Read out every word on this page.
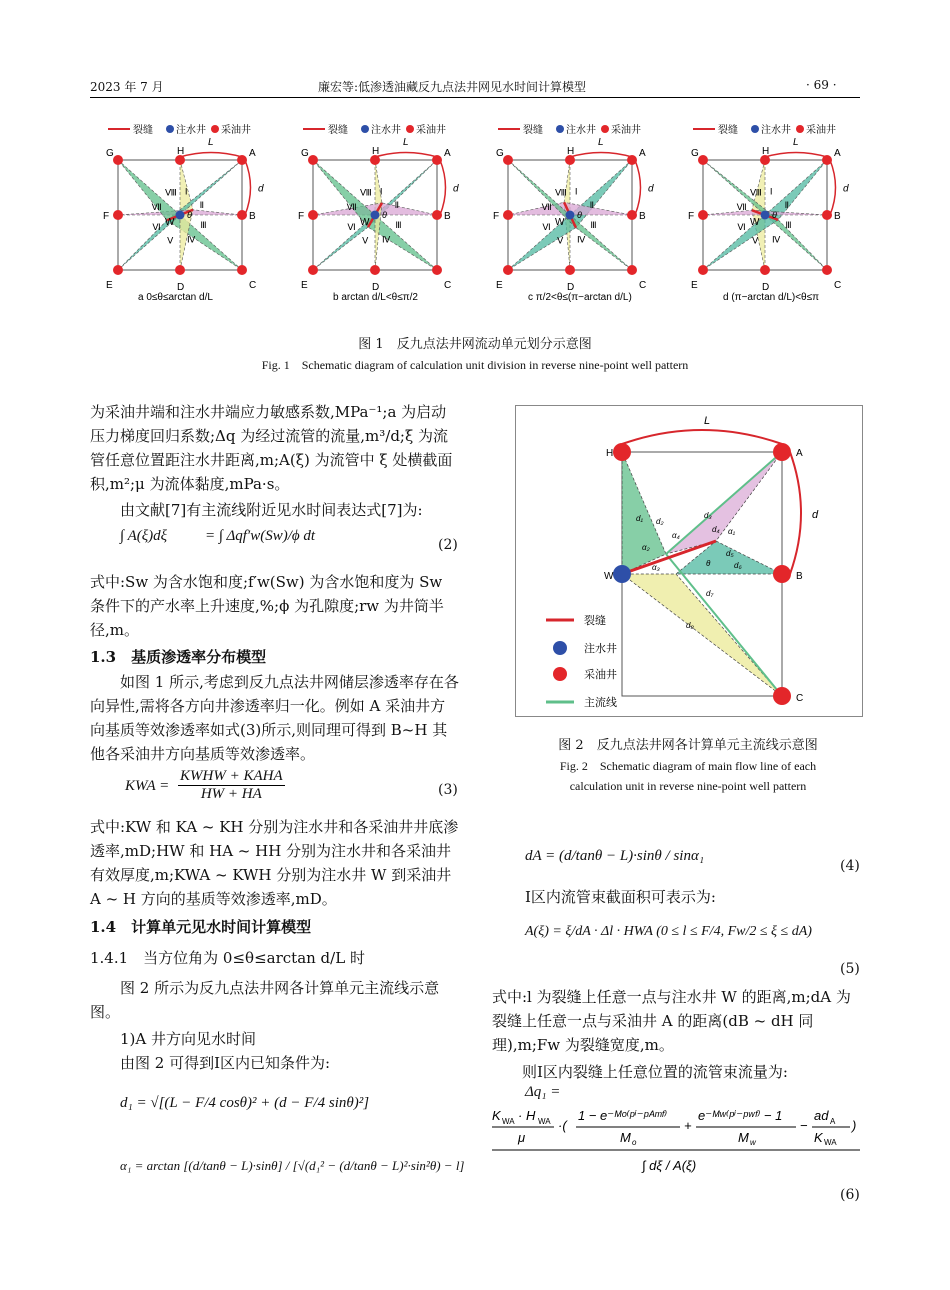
2023 年 7 月	廉宏等:低渗透油藏反九点法井网见水时间计算模型	· 69 ·
裂缝 注水井 采油井
L
d
Ⅰ
Ⅱ
Ⅲ
Ⅳ
Ⅴ
Ⅵ
Ⅶ
Ⅷ
θ
G	H	A
F
W
B
E	D	C
a 0≤θ≤arctan d/L
裂缝 注水井 采油井
L
d
Ⅰ
Ⅱ
Ⅲ
Ⅳ
Ⅴ
Ⅵ
Ⅶ
Ⅷ
θ
G	H	A
F
W
B
E	D	C
b arctan d/L<θ≤π/2
裂缝 注水井 采油井
L
d
Ⅰ
Ⅱ
Ⅲ
Ⅳ
Ⅴ
Ⅵ
Ⅶ
Ⅷ
θ
G	H	A
F
W
B
E	D	C
c π/2<θ≤(π−arctan d/L)
裂缝 注水井 采油井
L
d
Ⅰ
Ⅱ
Ⅲ
Ⅳ
Ⅴ
Ⅵ
Ⅶ
Ⅷ
θ
G	H	A
F
W
B
E	D	C
d (π−arctan d/L)<θ≤π
图 1　反九点法井网流动单元划分示意图
Fig. 1　Schematic diagram of calculation unit division in reverse nine-point well pattern
为采油井端和注水井端应力敏感系数,MPa⁻¹;a 为启动压力梯度回归系数;Δq 为经过流管的流量,m³/d;ξ 为流管任意位置距注水井距离,m;A(ξ) 为流管中 ξ 处横截面积,m²;μ 为流体黏度,mPa·s。
由文献[7]有主流线附近见水时间表达式[7]为:
∫ A(ξ)dξ	= ∫ Δqf′w(Sw)/ϕ dt
(2)
式中:Sw 为含水饱和度;f′w(Sw) 为含水饱和度为 Sw 条件下的产水率上升速度,%;ϕ 为孔隙度;rw 为井筒半径,m。
1.3　基质渗透率分布模型
如图 1 所示,考虑到反九点法井网储层渗透率存在各向异性,需将各方向井渗透率归一化。例如 A 采油井方向基质等效渗透率如式(3)所示,则同理可得到 B~H 其他各采油井方向基质等效渗透率。
KWA = $\frac{\text{KWHW + KAHA}}{HW + HA}$	(3)
式中:KW 和 KA ~ KH 分别为注水井和各采油井井底渗透率,mD;HW 和 HA ~ HH 分别为注水井和各采油井有效厚度,m;KWA ~ KWH 分别为注水井 W 到采油井 A ~ H 方向的基质等效渗透率,mD。
1.4　计算单元见水时间计算模型
1.4.1　当方位角为 0≤θ≤arctan d/L 时
图 2 所示为反九点法井网各计算单元主流线示意图。
1)A 井方向见水时间
由图 2 可得到Ⅰ区内已知条件为:
d₁ = √[(L − F/4 cosθ)² + (d − F/4 sinθ)²]
α₁ = arctan [(d/tanθ − L)·sinθ] / [√(d₁² − (d/tanθ − L)²·sin²θ) − l]
L
d
d₁ d₂
d₃
d₄
d₅
d₆
d₇
d₈
α₁
α₂
α₃
α₄
θ
H	A
W	B
C
裂缝
注水井
采油井
主流线
图 2　反九点法井网各计算单元主流线示意图
Fig. 2　Schematic diagram of main flow line of each
calculation unit in reverse nine-point well pattern
dA = (d/tanθ − L)·sinθ / sinα₁
(4)
Ⅰ区内流管束截面积可表示为:
A(ξ) = ξ/dA · Δl · HWA (0 ≤ l ≤ F/4, Fw/2 ≤ ξ ≤ dA)
(5)
式中:l 为裂缝上任意一点与注水井 W 的距离,m;dA 为裂缝上任意一点与采油井 A 的距离(dB ~ dH 同理),m;Fw 为裂缝宽度,m。
则Ⅰ区内裂缝上任意位置的流管束流量为:
Δq₁ =
K WA · H WA
μ
·(
1 − e⁻ᴹᵒ⁽ᵖⁱ⁻ᵖᴬᵐᶠ⁾
M o
+
e⁻ᴹʷ⁽ᵖⁱ⁻ᵖʷᶠ⁾ − 1
M w
−
ad A
K WA
)
∫ dξ / A(ξ)
(6)
